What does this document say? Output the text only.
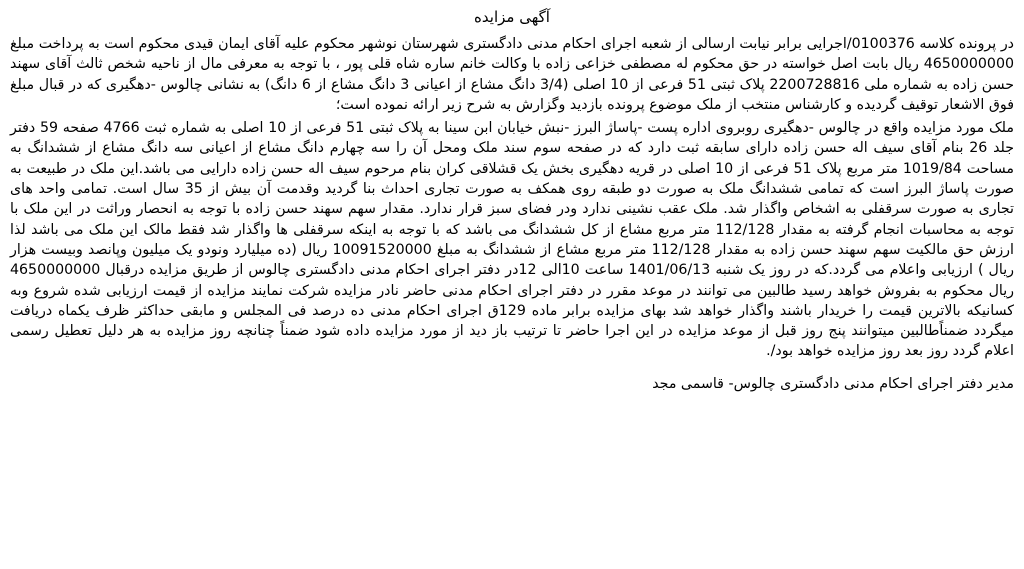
آگهی مزایده

در پرونده کلاسه 0100376/اجرایی برابر نیابت ارسالی از شعبه اجرای احکام مدنی دادگستری شهرستان نوشهر محکوم علیه آقای ایمان قیدی محکوم است به پرداخت مبلغ 4650000000 ریال بابت اصل خواسته در حق محکوم له مصطفی خزاعی زاده با وکالت خانم ساره شاه قلی پور ، با توجه به معرفی مال از ناحیه شخص ثالث آقای سهند حسن زاده به شماره ملی 2200728816 پلاک ثبتی 51 فرعی از 10 اصلی (3/4 دانگ مشاع از اعیانی 3 دانگ مشاع از 6 دانگ) به نشانی چالوس -دهگیری که در قبال مبلغ فوق الاشعار توقیف گردیده و کارشناس منتخب از ملک موضوع پرونده بازدید وگزارش به شرح زیر ارائه نموده است؛

ملک مورد مزایده واقع در چالوس -دهگیری روبروی اداره پست -پاساژ البرز -نبش خیابان ابن سینا به پلاک ثبتی 51 فرعی از 10 اصلی به شماره ثبت 4766 صفحه 59 دفتر جلد 26 بنام آقای سیف اله حسن زاده دارای سابقه ثبت دارد که در صفحه سوم سند ملک ومحل آن را سه چهارم دانگ مشاع از اعیانی سه دانگ مشاع از ششدانگ به مساحت 1019/84 متر مربع پلاک 51 فرعی از 10 اصلی در قریه دهگیری بخش یک قشلاقی کران بنام مرحوم سیف اله حسن زاده دارایی می باشد.این ملک در طبیعت به صورت پاساژ البرز است که تمامی ششدانگ ملک به صورت دو طبقه روی همکف به صورت تجاری احداث بنا گردید وقدمت آن بیش از 35 سال است. تمامی واحد های تجاری به صورت سرقفلی به اشخاص واگذار شد. ملک عقب نشینی ندارد ودر فضای سبز قرار ندارد. مقدار سهم سهند حسن زاده با توجه به انحصار وراثت در این ملک با توجه به محاسبات انجام گرفته به مقدار 112/128 متر مربع مشاع از کل ششدانگ می باشد که با توجه به اینکه سرقفلی ها واگذار شد فقط مالک این ملک می باشد لذا ارزش حق مالکیت سهم سهند حسن زاده به مقدار 112/128 متر مربع مشاع از ششدانگ به مبلغ 10091520000 ریال (ده میلیارد ونودو یک میلیون وپانصد وبیست هزار ریال ) ارزیابی واعلام می گردد.که در روز یک شنبه 1401/06/13 ساعت 10الی 12در دفتر اجرای احکام مدنی دادگستری چالوس از طریق مزایده درقبال 4650000000 ریال محکوم به بفروش خواهد رسید طالبین می توانند در موعد مقرر در دفتر اجرای احکام مدنی حاضر نادر مزایده شرکت نمایند مزایده از قیمت ارزیابی شده شروع وبه کسانیکه بالاترین قیمت را خریدار باشند واگذار خواهد شد بهای مزایده برابر ماده 129ق اجرای احکام مدنی ده درصد فی المجلس و مابقی حداکثر ظرف یکماه دریافت میگردد ضمناًطالبین میتوانند پنج روز قبل از موعد مزایده در این اجرا حاضر تا ترتیب باز دید از مورد مزایده داده شود ضمناً چنانچه روز مزایده به هر دلیل تعطیل رسمی اعلام گردد روز بعد روز مزایده خواهد بود/.

مدیر دفتر اجرای احکام مدنی دادگستری چالوس- قاسمی مجد
